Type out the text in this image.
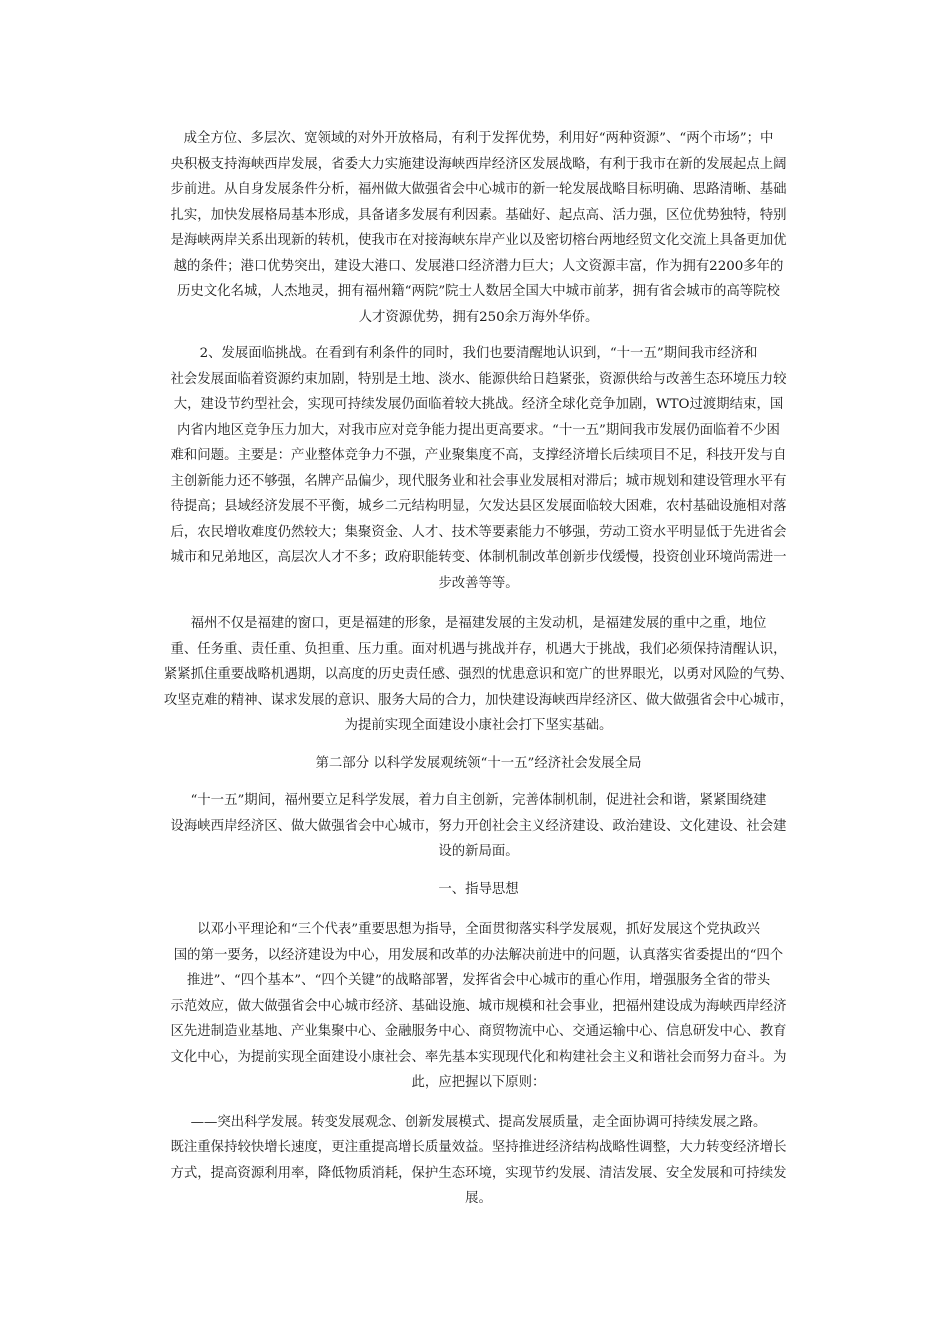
成全方位、多层次、宽领域的对外开放格局，有利于发挥优势，利用好“两种资源”、“两个市场”；中
央积极支持海峡西岸发展，省委大力实施建设海峡西岸经济区发展战略，有利于我市在新的发展起点上阔
步前进。从自身发展条件分析，福州做大做强省会中心城市的新一轮发展战略目标明确、思路清晰、基础
扎实，加快发展格局基本形成，具备诸多发展有利因素。基础好、起点高、活力强，区位优势独特，特别
是海峡两岸关系出现新的转机，使我市在对接海峡东岸产业以及密切榕台两地经贸文化交流上具备更加优
越的条件；港口优势突出，建设大港口、发展港口经济潜力巨大；人文资源丰富，作为拥有2200多年的
历史文化名城，人杰地灵，拥有福州籍“两院”院士人数居全国大中城市前茅，拥有省会城市的高等院校
人才资源优势，拥有250余万海外华侨。

2、发展面临挑战。在看到有利条件的同时，我们也要清醒地认识到，“十一五”期间我市经济和
社会发展面临着资源约束加剧，特别是土地、淡水、能源供给日趋紧张，资源供给与改善生态环境压力较
大，建设节约型社会，实现可持续发展仍面临着较大挑战。经济全球化竞争加剧，WTO过渡期结束，国
内省内地区竞争压力加大，对我市应对竞争能力提出更高要求。“十一五”期间我市发展仍面临着不少困
难和问题。主要是：产业整体竞争力不强，产业聚集度不高，支撑经济增长后续项目不足，科技开发与自
主创新能力还不够强，名牌产品偏少，现代服务业和社会事业发展相对滞后；城市规划和建设管理水平有
待提高；县域经济发展不平衡，城乡二元结构明显，欠发达县区发展面临较大困难，农村基础设施相对落
后，农民增收难度仍然较大；集聚资金、人才、技术等要素能力不够强，劳动工资水平明显低于先进省会
城市和兄弟地区，高层次人才不多；政府职能转变、体制机制改革创新步伐缓慢，投资创业环境尚需进一
步改善等等。

福州不仅是福建的窗口，更是福建的形象，是福建发展的主发动机，是福建发展的重中之重，地位
重、任务重、责任重、负担重、压力重。面对机遇与挑战并存，机遇大于挑战，我们必须保持清醒认识，
紧紧抓住重要战略机遇期，以高度的历史责任感、强烈的忧患意识和宽广的世界眼光，以勇对风险的气势、
攻坚克难的精神、谋求发展的意识、服务大局的合力，加快建设海峡西岸经济区、做大做强省会中心城市，
为提前实现全面建设小康社会打下坚实基础。

第二部分 以科学发展观统领“十一五”经济社会发展全局

“十一五”期间，福州要立足科学发展，着力自主创新，完善体制机制，促进社会和谐，紧紧围绕建
设海峡西岸经济区、做大做强省会中心城市，努力开创社会主义经济建设、政治建设、文化建设、社会建
设的新局面。

一、指导思想

以邓小平理论和“三个代表”重要思想为指导，全面贯彻落实科学发展观，抓好发展这个党执政兴
国的第一要务，以经济建设为中心，用发展和改革的办法解决前进中的问题，认真落实省委提出的“四个
推进”、“四个基本”、“四个关键”的战略部署，发挥省会中心城市的重心作用，增强服务全省的带头
示范效应，做大做强省会中心城市经济、基础设施、城市规模和社会事业，把福州建设成为海峡西岸经济
区先进制造业基地、产业集聚中心、金融服务中心、商贸物流中心、交通运输中心、信息研发中心、教育
文化中心，为提前实现全面建设小康社会、率先基本实现现代化和构建社会主义和谐社会而努力奋斗。为
此，应把握以下原则：

——突出科学发展。转变发展观念、创新发展模式、提高发展质量，走全面协调可持续发展之路。
既注重保持较快增长速度，更注重提高增长质量效益。坚持推进经济结构战略性调整，大力转变经济增长
方式，提高资源利用率，降低物质消耗，保护生态环境，实现节约发展、清洁发展、安全发展和可持续发
展。
